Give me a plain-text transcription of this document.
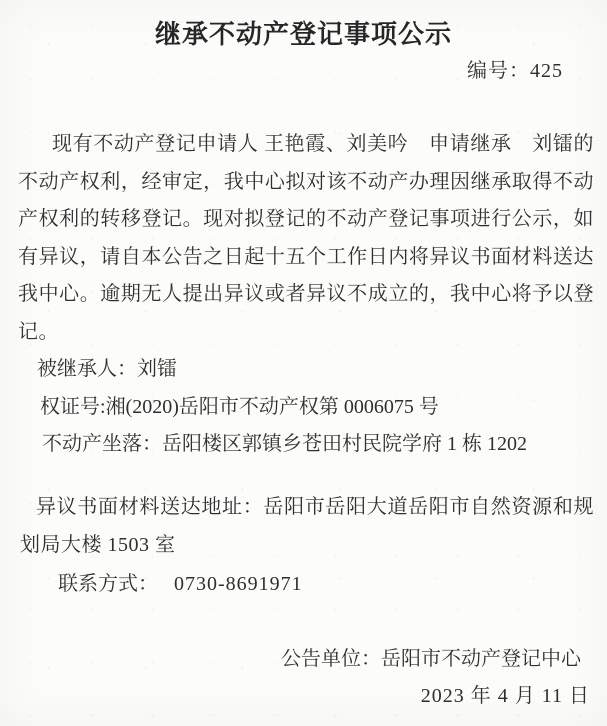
继承不动产登记事项公示
编号：425
现有不动产登记申请人 王艳霞、刘美吟　申请继承　刘镭的不动产权利，经审定，我中心拟对该不动产办理因继承取得不动产权利的转移登记。现对拟登记的不动产登记事项进行公示，如有异议，请自本公告之日起十五个工作日内将异议书面材料送达我中心。逾期无人提出异议或者异议不成立的，我中心将予以登记。
被继承人：刘镭
权证号:湘(2020)岳阳市不动产权第 0006075 号
不动产坐落：岳阳楼区郭镇乡苍田村民院学府 1 栋 1202
异议书面材料送达地址：岳阳市岳阳大道岳阳市自然资源和规划局大楼 1503 室
联系方式： 0730-8691971
公告单位：岳阳市不动产登记中心
2023 年 4 月 11 日
